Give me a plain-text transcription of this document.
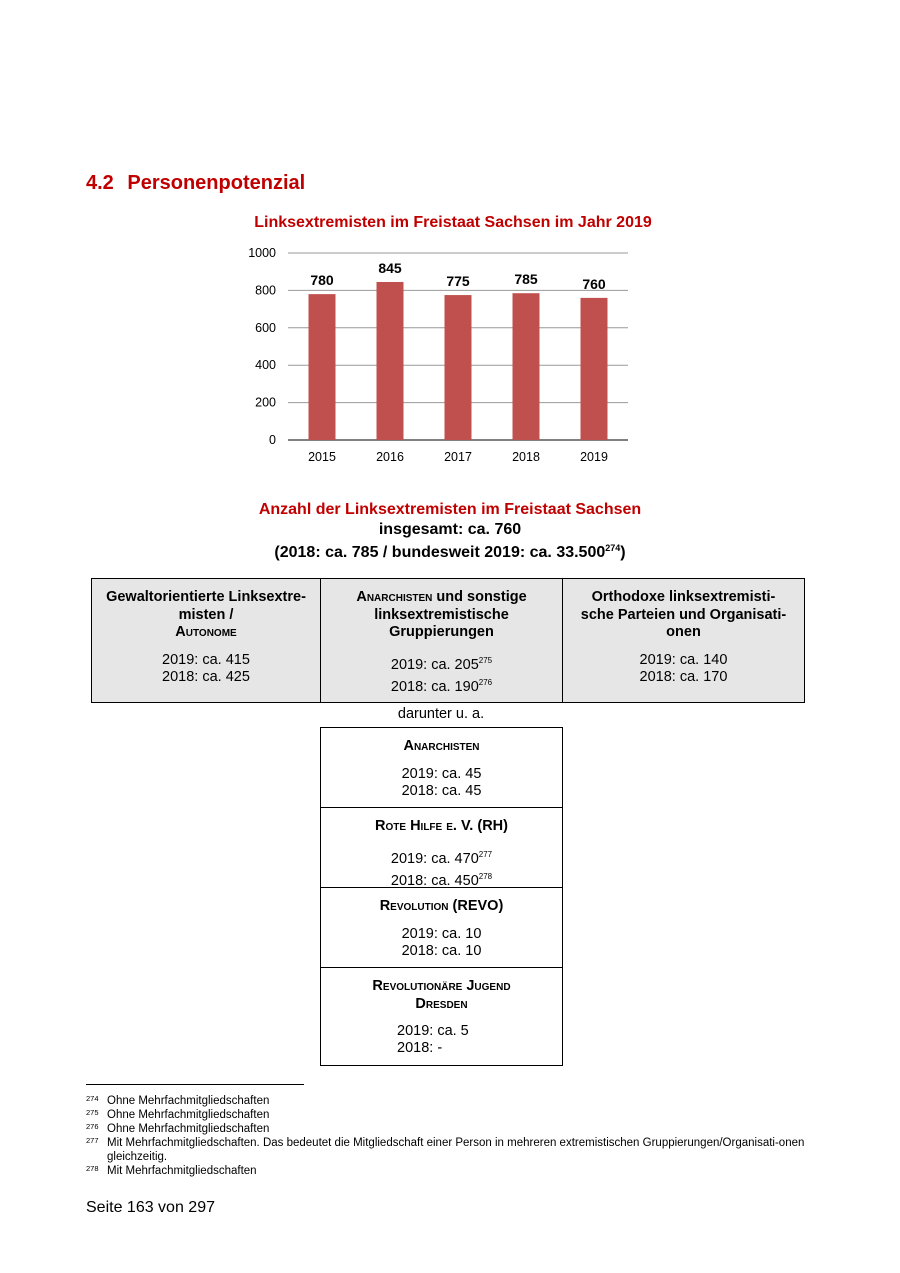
4.2 Personenpotenzial
Linksextremisten im Freistaat Sachsen im Jahr 2019
0
200
400
600
800
1000
780
2015
845
2016
775
2017
785
2018
760
2019
Anzahl der Linksextremisten im Freistaat Sachsen
insgesamt: ca. 760
(2018: ca. 785 / bundesweit 2019: ca. 33.500$^{274}$)
Gewaltorientierte Linksextre-
misten /
Autonome
2019: ca. 415
2018: ca. 425
Anarchisten und sonstige
linksextremistische
Gruppierungen
2019: ca. $205^{275}$
2018: ca. $190^{276}$
Orthodoxe linksextremisti-
sche Parteien und Organisati-
onen
2019: ca. 140
2018: ca. 170
darunter u. a.
Anarchisten
2019: ca. 45
2018: ca. 45
Rote Hilfe e. V. (RH)
2019: ca. $470^{277}$
2018: ca. $450^{278}$
Revolution (REVO)
2019: ca. 10
2018: ca. 10
Revolutionäre Jugend
Dresden
2019: ca. 5
2018: -
274 Ohne Mehrfachmitgliedschaften
275 Ohne Mehrfachmitgliedschaften
276 Ohne Mehrfachmitgliedschaften
277 Mit Mehrfachmitgliedschaften. Das bedeutet die Mitgliedschaft einer Person in mehreren extremistischen Gruppierungen/Organisati-onen gleichzeitig.
278 Mit Mehrfachmitgliedschaften
Seite 163 von 297
